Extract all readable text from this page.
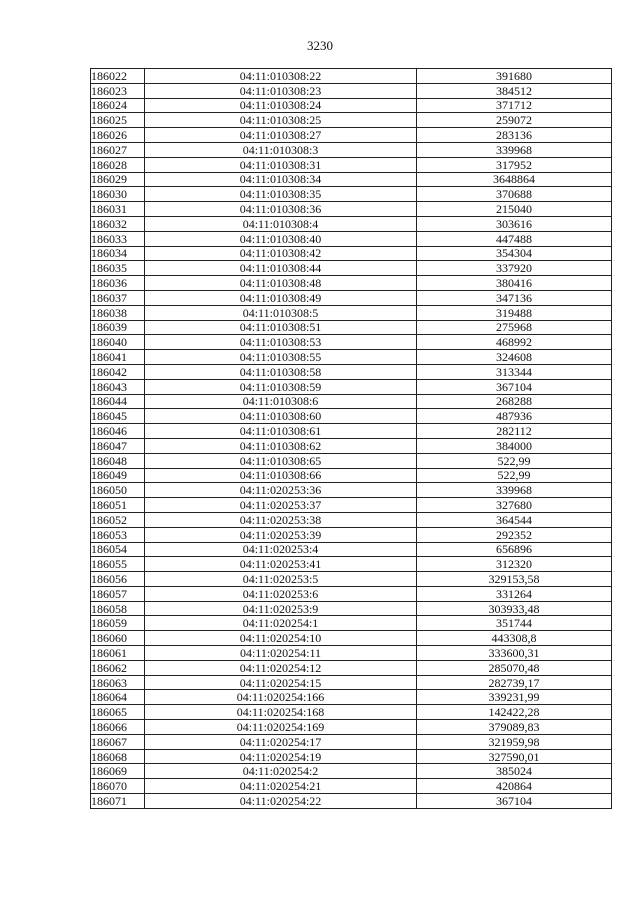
3230
186022	04:11:010308:22	391680
186023	04:11:010308:23	384512
186024	04:11:010308:24	371712
186025	04:11:010308:25	259072
186026	04:11:010308:27	283136
186027	04:11:010308:3	339968
186028	04:11:010308:31	317952
186029	04:11:010308:34	3648864
186030	04:11:010308:35	370688
186031	04:11:010308:36	215040
186032	04:11:010308:4	303616
186033	04:11:010308:40	447488
186034	04:11:010308:42	354304
186035	04:11:010308:44	337920
186036	04:11:010308:48	380416
186037	04:11:010308:49	347136
186038	04:11:010308:5	319488
186039	04:11:010308:51	275968
186040	04:11:010308:53	468992
186041	04:11:010308:55	324608
186042	04:11:010308:58	313344
186043	04:11:010308:59	367104
186044	04:11:010308:6	268288
186045	04:11:010308:60	487936
186046	04:11:010308:61	282112
186047	04:11:010308:62	384000
186048	04:11:010308:65	522,99
186049	04:11:010308:66	522,99
186050	04:11:020253:36	339968
186051	04:11:020253:37	327680
186052	04:11:020253:38	364544
186053	04:11:020253:39	292352
186054	04:11:020253:4	656896
186055	04:11:020253:41	312320
186056	04:11:020253:5	329153,58
186057	04:11:020253:6	331264
186058	04:11:020253:9	303933,48
186059	04:11:020254:1	351744
186060	04:11:020254:10	443308,8
186061	04:11:020254:11	333600,31
186062	04:11:020254:12	285070,48
186063	04:11:020254:15	282739,17
186064	04:11:020254:166	339231,99
186065	04:11:020254:168	142422,28
186066	04:11:020254:169	379089,83
186067	04:11:020254:17	321959,98
186068	04:11:020254:19	327590,01
186069	04:11:020254:2	385024
186070	04:11:020254:21	420864
186071	04:11:020254:22	367104
